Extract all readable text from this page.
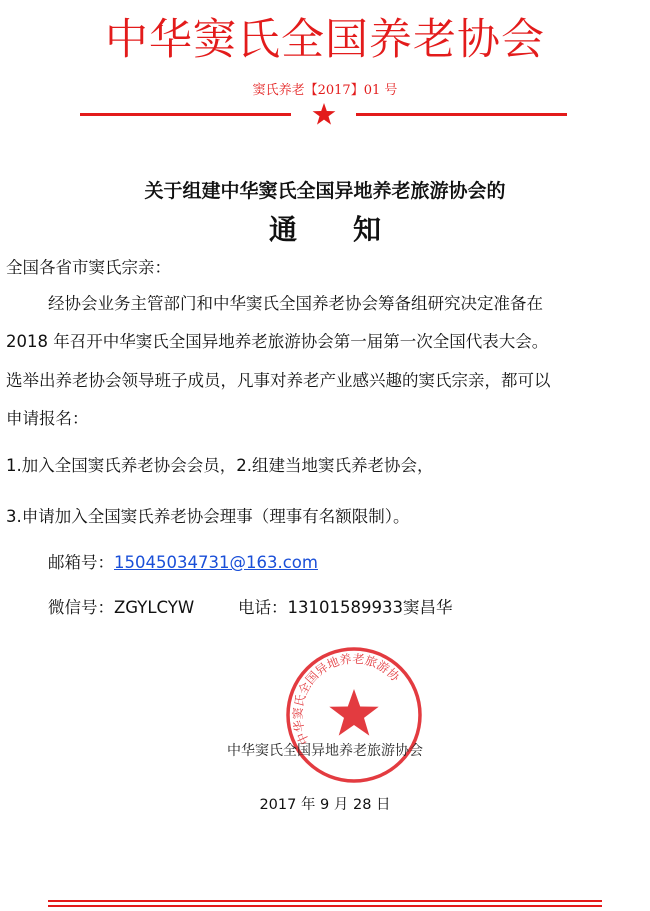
中华窦氏全国养老协会
窦氏养老【2017】01 号
关于组建中华窦氏全国异地养老旅游协会的
通 知
全国各省市窦氏宗亲：
经协会业务主管部门和中华窦氏全国养老协会筹备组研究决定准备在
2018 年召开中华窦氏全国异地养老旅游协会第一届第一次全国代表大会。
选举出养老协会领导班子成员，凡事对养老产业感兴趣的窦氏宗亲，都可以
申请报名：
1.加入全国窦氏养老协会会员，2.组建当地窦氏养老协会，
3.申请加入全国窦氏养老协会理事（理事有名额限制）。
邮箱号：15045034731@163.com
微信号：ZGYLCYW	电话：13101589933窦昌华
中华窦氏全国异地养老旅游协会
中华窦氏全国异地养老旅游协会
2017 年 9 月 28 日
